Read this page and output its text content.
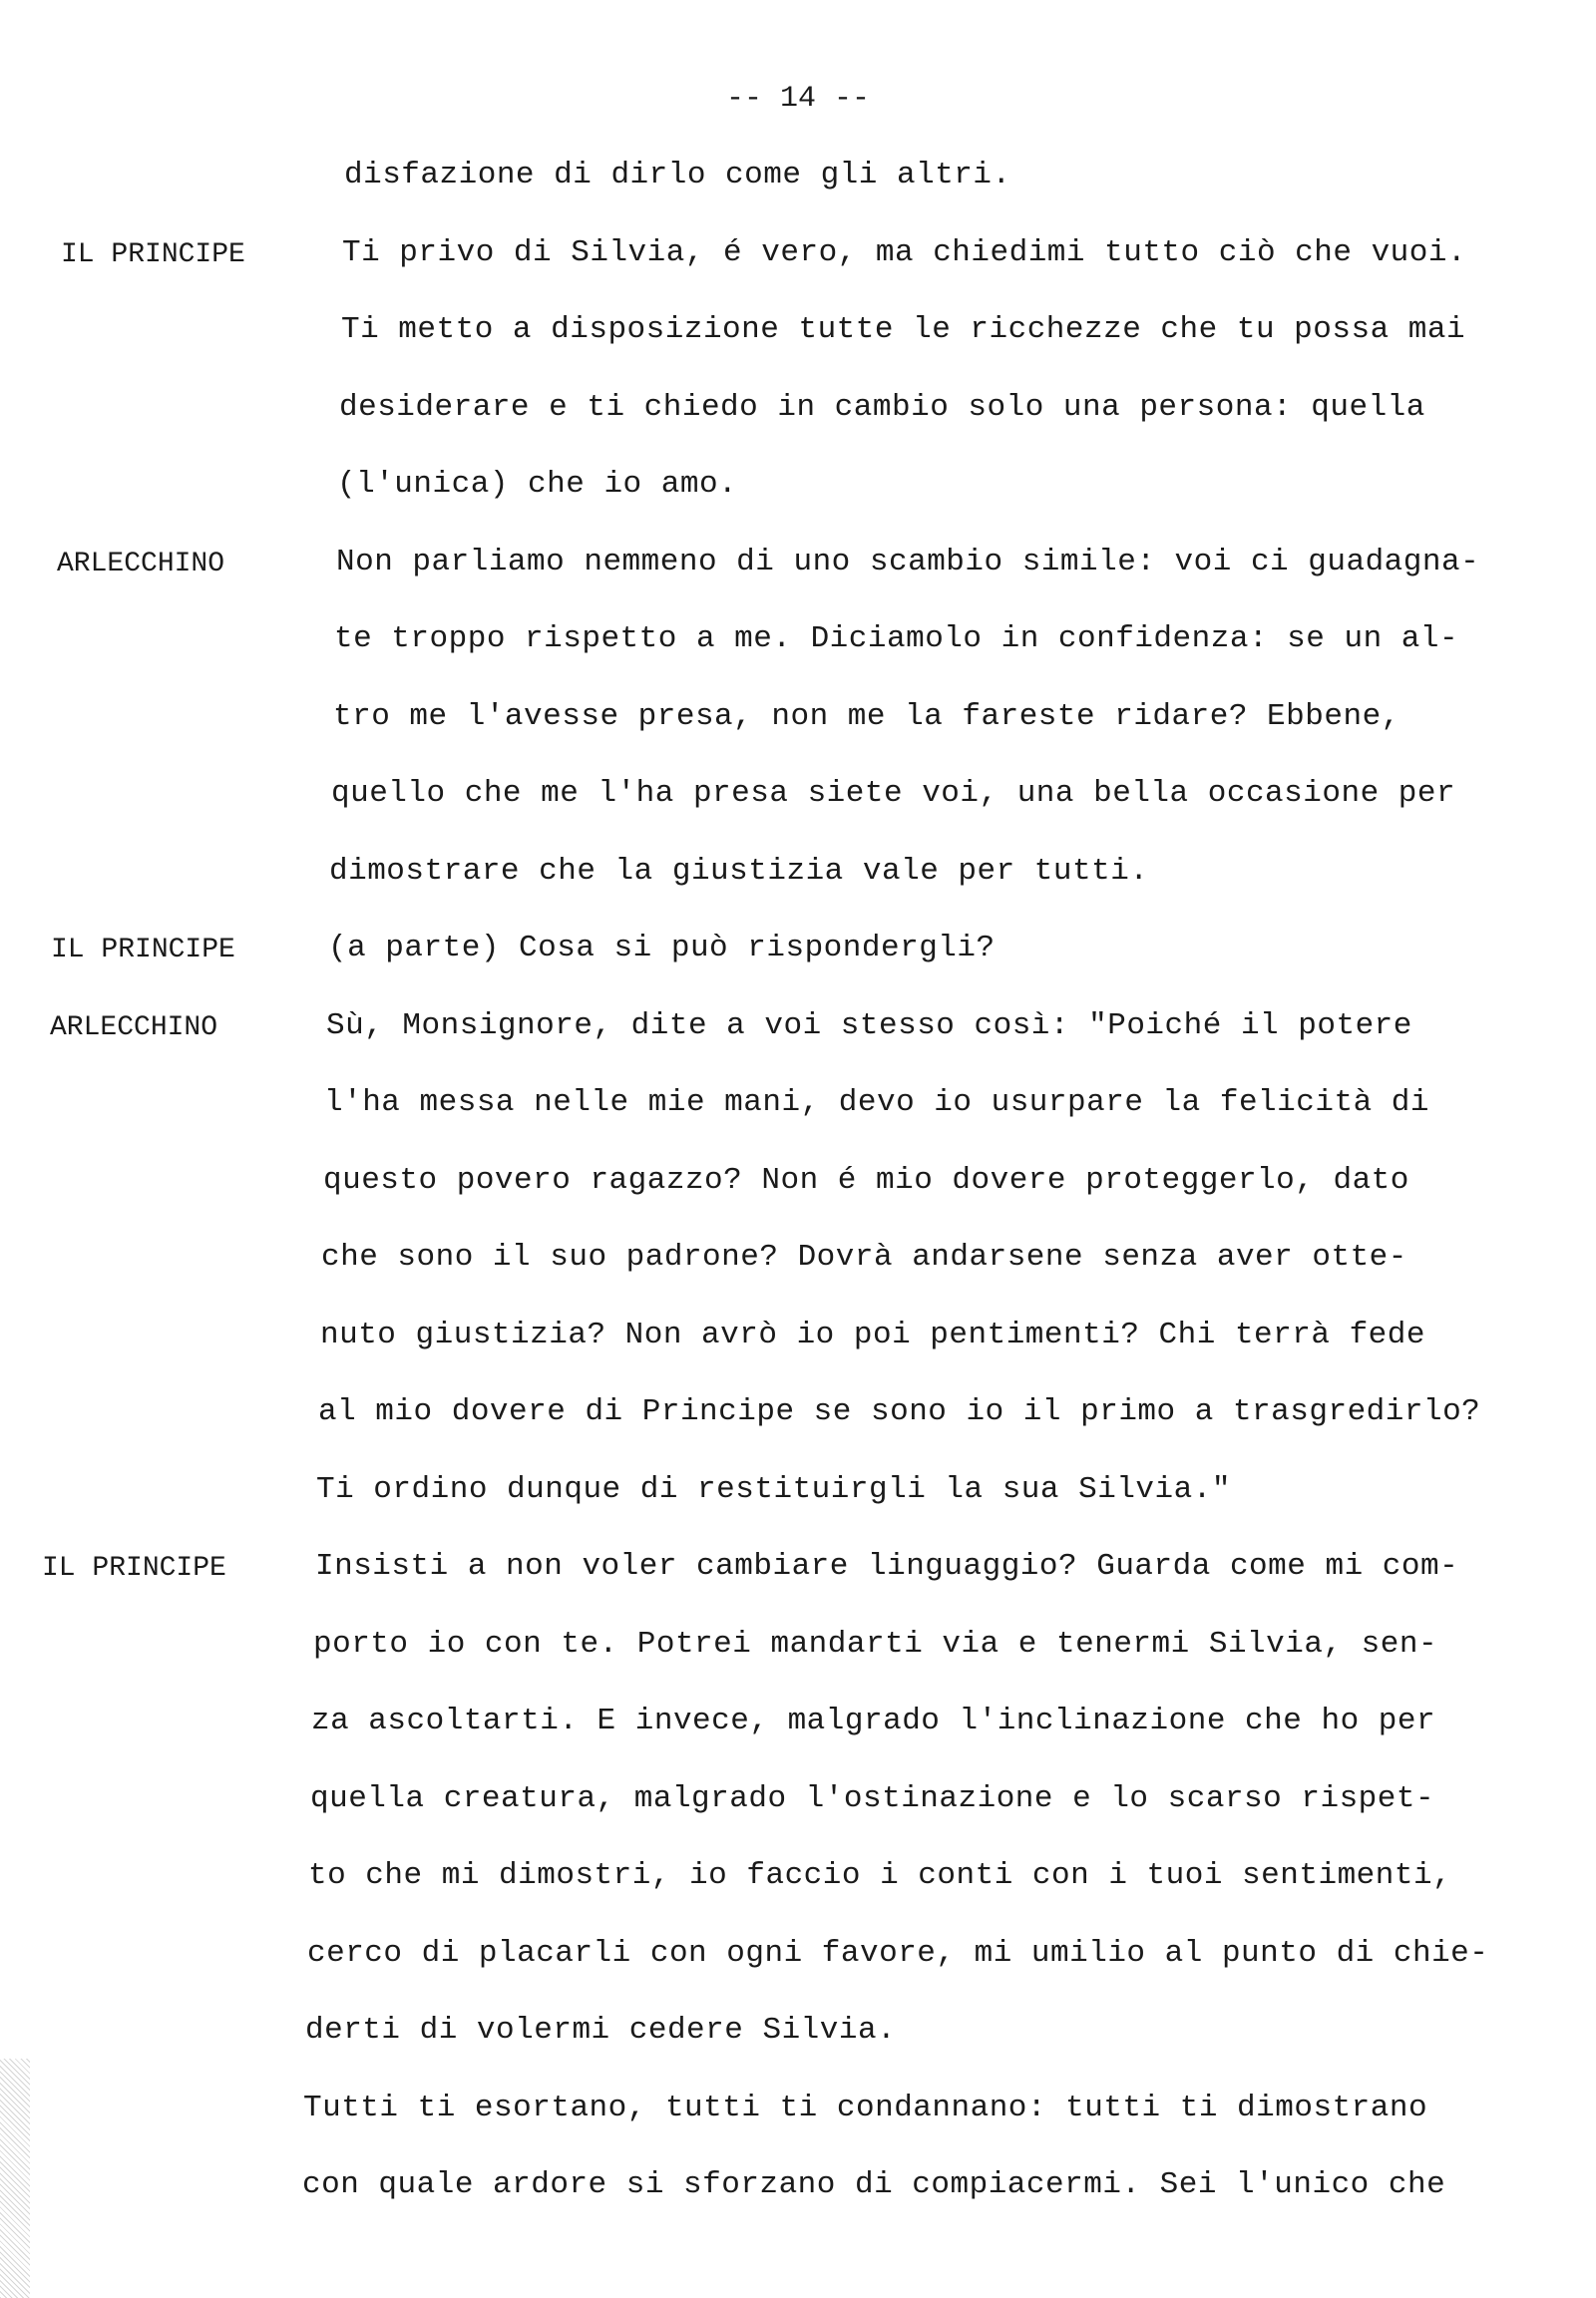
-- 14 --
disfazione di dirlo come gli altri.
IL PRINCIPE	Ti privo di Silvia, é vero, ma chiedimi tutto ciò che vuoi.
Ti metto a disposizione tutte le ricchezze che tu possa mai
desiderare e ti chiedo in cambio solo una persona: quella
(l'unica) che io amo.
ARLECCHINO	Non parliamo nemmeno di uno scambio simile: voi ci guadagna-
te troppo rispetto a me. Diciamolo in confidenza: se un al-
tro me l'avesse presa, non me la fareste ridare? Ebbene,
quello che me l'ha presa siete voi, una bella occasione per
dimostrare che la giustizia vale per tutti.
IL PRINCIPE	(a parte) Cosa si può rispondergli?
ARLECCHINO	Sù, Monsignore, dite a voi stesso così: "Poiché il potere
l'ha messa nelle mie mani, devo io usurpare la felicità di
questo povero ragazzo? Non é mio dovere proteggerlo, dato
che sono il suo padrone? Dovrà andarsene senza aver otte-
nuto giustizia? Non avrò io poi pentimenti? Chi terrà fede
al mio dovere di Principe se sono io il primo a trasgredirlo?
Ti ordino dunque di restituirgli la sua Silvia."
IL PRINCIPE	Insisti a non voler cambiare linguaggio? Guarda come mi com-
porto io con te. Potrei mandarti via e tenermi Silvia, sen-
za ascoltarti. E invece, malgrado l'inclinazione che ho per
quella creatura, malgrado l'ostinazione e lo scarso rispet-
to che mi dimostri, io faccio i conti con i tuoi sentimenti,
cerco di placarli con ogni favore, mi umilio al punto di chie-
derti di volermi cedere Silvia.
Tutti ti esortano, tutti ti condannano: tutti ti dimostrano
con quale ardore si sforzano di compiacermi. Sei l'unico che
